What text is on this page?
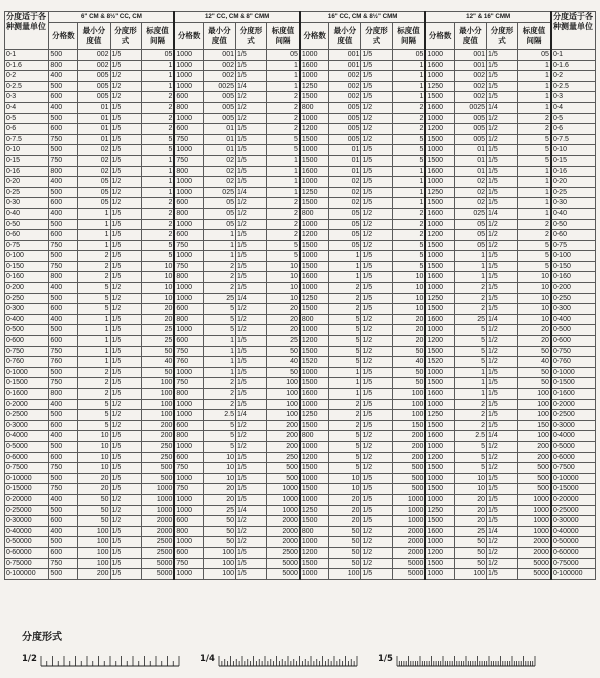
分度适于各种测量单位	6" CM & 8½" CC, CM				12" CC, CM & 8" CMM				16" CC, CM & 8½" CMM				12" & 16" CMM				分度适于各种测量单位
	分格数	最小分度值	分度形式	标度值间隔	分格数	最小分度值	分度形式	标度值间隔	分格数	最小分度值	分度形式	标度值间隔	分格数	最小分度值	分度形式	标度值间隔	
0-1	500	002	1/5	05	1000	001	1/5	05	1000	001	1/5	05	1000	001	1/5	05	0-1
0-1.6	800	002	1/5	1	1000	002	1/5	1	1600	001	1/5	1	1600	001	1/5	1	0-1.6
0-2	400	005	1/2	1	1000	002	1/5	1	1000	002	1/5	1	1000	002	1/5	1	0-2
0-2.5	500	005	1/2	1	1000	0025	1/4	1	1250	002	1/5	1	1250	002	1/5	1	0-2.5
0-3	600	005	1/2	2	600	005	1/2	2	1500	002	1/5	1	1500	002	1/5	1	0-3
0-4	400	01	1/5	2	800	005	1/2	2	800	005	1/2	2	1600	0025	1/4	1	0-4
0-5	500	01	1/5	2	1000	005	1/2	2	1000	005	1/2	2	1000	005	1/2	2	0-5
0-6	600	01	1/5	2	600	01	1/5	2	1200	005	1/2	2	1200	005	1/2	2	0-6
0-7.5	750	01	1/5	5	750	01	1/5	5	1500	005	1/2	5	1500	005	1/2	5	0-7.5
0-10	500	02	1/5	5	1000	01	1/5	5	1000	01	1/5	5	1000	01	1/5	5	0-10
0-15	750	02	1/5	1	750	02	1/5	1	1500	01	1/5	5	1500	01	1/5	5	0-15
0-16	800	02	1/5	1	800	02	1/5	1	1600	01	1/5	1	1600	01	1/5	1	0-16
0-20	400	05	1/2	1	1000	02	1/5	1	1000	02	1/5	1	1000	02	1/5	1	0-20
0-25	500	05	1/2	1	1000	025	1/4	1	1250	02	1/5	1	1250	02	1/5	1	0-25
0-30	600	05	1/2	2	600	05	1/2	2	1500	02	1/5	1	1500	02	1/5	1	0-30
0-40	400	1	1/5	2	800	05	1/2	2	800	05	1/2	2	1600	025	1/4	1	0-40
0-50	500	1	1/5	2	1000	05	1/2	2	1000	05	1/2	2	1000	05	1/2	2	0-50
0-60	600	1	1/5	2	600	1	1/5	2	1200	05	1/2	2	1200	05	1/2	2	0-60
0-75	750	1	1/5	5	750	1	1/5	5	1500	05	1/2	5	1500	05	1/2	5	0-75
0-100	500	2	1/5	5	1000	1	1/5	5	1000	1	1/5	5	1000	1	1/5	5	0-100
0-150	750	2	1/5	10	750	2	1/5	10	1500	1	1/5	5	1500	1	1/5	5	0-150
0-160	800	2	1/5	10	800	2	1/5	10	1600	1	1/5	10	1600	1	1/5	10	0-160
0-200	400	5	1/2	10	1000	2	1/5	10	1000	2	1/5	10	1000	2	1/5	10	0-200
0-250	500	5	1/2	10	1000	25	1/4	10	1250	2	1/5	10	1250	2	1/5	10	0-250
0-300	600	5	1/2	20	600	5	1/2	20	1500	2	1/5	10	1500	2	1/5	10	0-300
0-400	400	1	1/5	20	800	5	1/2	20	800	5	1/2	20	1600	25	1/4	10	0-400
0-500	500	1	1/5	25	1000	5	1/2	20	1000	5	1/2	20	1000	5	1/2	20	0-500
0-600	600	1	1/5	25	600	1	1/5	25	1200	5	1/2	20	1200	5	1/2	20	0-600
0-750	750	1	1/5	50	750	1	1/5	50	1500	5	1/2	50	1500	5	1/2	50	0-750
0-760	760	1	1/5	40	760	1	1/5	40	1520	5	1/2	40	1520	5	1/2	40	0-760
0-1000	500	2	1/5	50	1000	1	1/5	50	1000	1	1/5	50	1000	1	1/5	50	0-1000
0-1500	750	2	1/5	100	750	2	1/5	100	1500	1	1/5	50	1500	1	1/5	50	0-1500
0-1600	800	2	1/5	100	800	2	1/5	100	1600	1	1/5	100	1600	1	1/5	100	0-1600
0-2000	400	5	1/2	100	1000	2	1/5	100	1000	2	1/5	100	1000	2	1/5	100	0-2000
0-2500	500	5	1/2	100	1000	2.5	1/4	100	1250	2	1/5	100	1250	2	1/5	100	0-2500
0-3000	600	5	1/2	200	600	5	1/2	200	1500	2	1/5	150	1500	2	1/5	150	0-3000
0-4000	400	10	1/5	200	800	5	1/2	200	800	5	1/2	200	1600	2.5	1/4	100	0-4000
0-5000	500	10	1/5	250	1000	5	1/2	200	1000	5	1/2	200	1000	5	1/2	200	0-5000
0-6000	600	10	1/5	250	600	10	1/5	250	1200	5	1/2	200	1200	5	1/2	200	0-6000
0-7500	750	10	1/5	500	750	10	1/5	500	1500	5	1/2	500	1500	5	1/2	500	0-7500
0-10000	500	20	1/5	500	1000	10	1/5	500	1000	10	1/5	500	1000	10	1/5	500	0-10000
0-15000	750	20	1/5	1000	750	20	1/5	1000	1500	10	1/5	500	1500	10	1/5	500	0-15000
0-20000	400	50	1/2	1000	1000	20	1/5	1000	1000	20	1/5	1000	1000	20	1/5	1000	0-20000
0-25000	500	50	1/2	1000	1000	25	1/4	1000	1250	20	1/5	1000	1250	20	1/5	1000	0-25000
0-30000	600	50	1/2	2000	600	50	1/2	2000	1500	20	1/5	1000	1500	20	1/5	1000	0-30000
0-40000	400	100	1/5	2000	800	50	1/2	2000	800	50	1/2	2000	1600	25	1/4	1000	0-40000
0-50000	500	100	1/5	2500	1000	50	1/2	2000	1000	50	1/2	2000	1000	50	1/2	2000	0-50000
0-60000	600	100	1/5	2500	600	100	1/5	2500	1200	50	1/2	2000	1200	50	1/2	2000	0-60000
0-75000	750	100	1/5	5000	750	100	1/5	5000	1500	50	1/2	5000	1500	50	1/2	5000	0-75000
0-100000	500	200	1/5	5000	1000	100	1/5	5000	1000	100	1/5	5000	1000	100	1/5	5000	0-100000
分度形式
1/2	1/4	1/5
